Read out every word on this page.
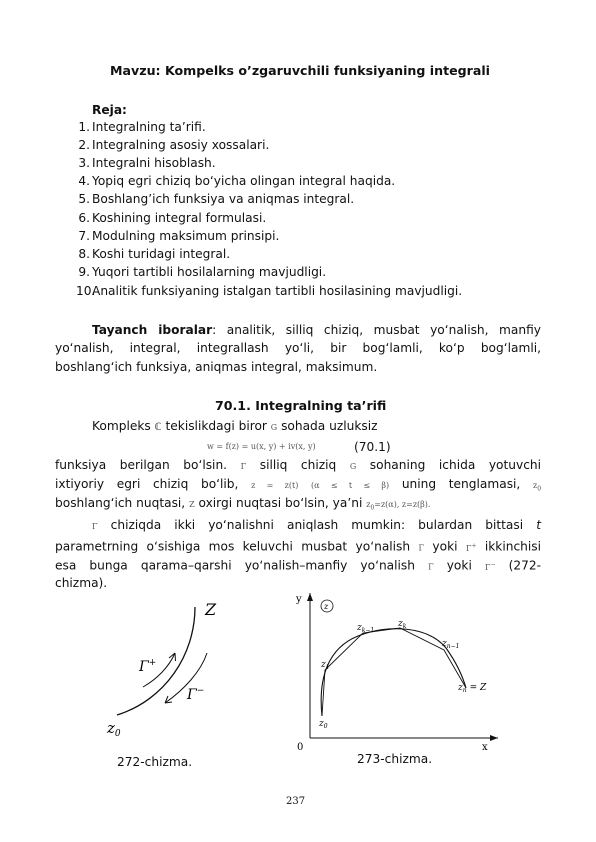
Mavzu: Kompelks o’zgaruvchili funksiyaning integrali
Reja:
1. Integralning ta’rifi.
2. Integralning asosiy xossalari.
3. Integralni hisoblash.
4. Yopiq egri chiziq bo‘yicha olingan integral haqida.
5. Boshlang’ich funksiya va aniqmas integral.
6. Koshining integral formulasi.
7. Modulning maksimum prinsipi.
8. Koshi turidagi integral.
9. Yuqori tartibli hosilalarning mavjudligi.
10.
Analitik funksiyaning istalgan tartibli hosilasining mavjudligi.
Tayanch iboralar: analitik, silliq chiziq, musbat yo‘nalish, manfiy
yo‘nalish, integral, integrallash yo‘li, bir bog‘lamli, ko‘p bog‘lamli,
boshlang‘ich funksiya, aniqmas integral, maksimum.
70.1. Integralning ta’rifi
Kompleks ℂ tekislikdagi biror G sohada uzluksiz
w = f(z) = u(x, y) + iv(x, y)	(70.1)
funksiya berilgan bo‘lsin. Γ silliq chiziq G sohaning ichida yotuvchi
ixtiyoriy egri chiziq bo‘lib, z = z(t) (α ≤ t ≤ β) uning tenglamasi, $z_0$
boshlang‘ich nuqtasi, Z oxirgi nuqtasi bo‘lsin, ya’ni $z_0=z(\alpha)$, z=z(β).
Γ chiziqda ikki yo‘nalishni aniqlash mumkin: bulardan bittasi t
parametrning o‘sishiga mos keluvchi musbat yo‘nalish Γ yoki Γ+ ikkinchisi
esa bunga qarama–qarshi yo‘nalish–manfiy yo‘nalish Γ yoki Γ− (272-
chizma).
Z
Γ+
Γ−
$z_0$
y
x
0
z
$z_0$
$z_1$
$z_{k-1}$
$z_k$
$z_{n-1}$
$z_n = Z$
272-chizma.	273-chizma.
237
